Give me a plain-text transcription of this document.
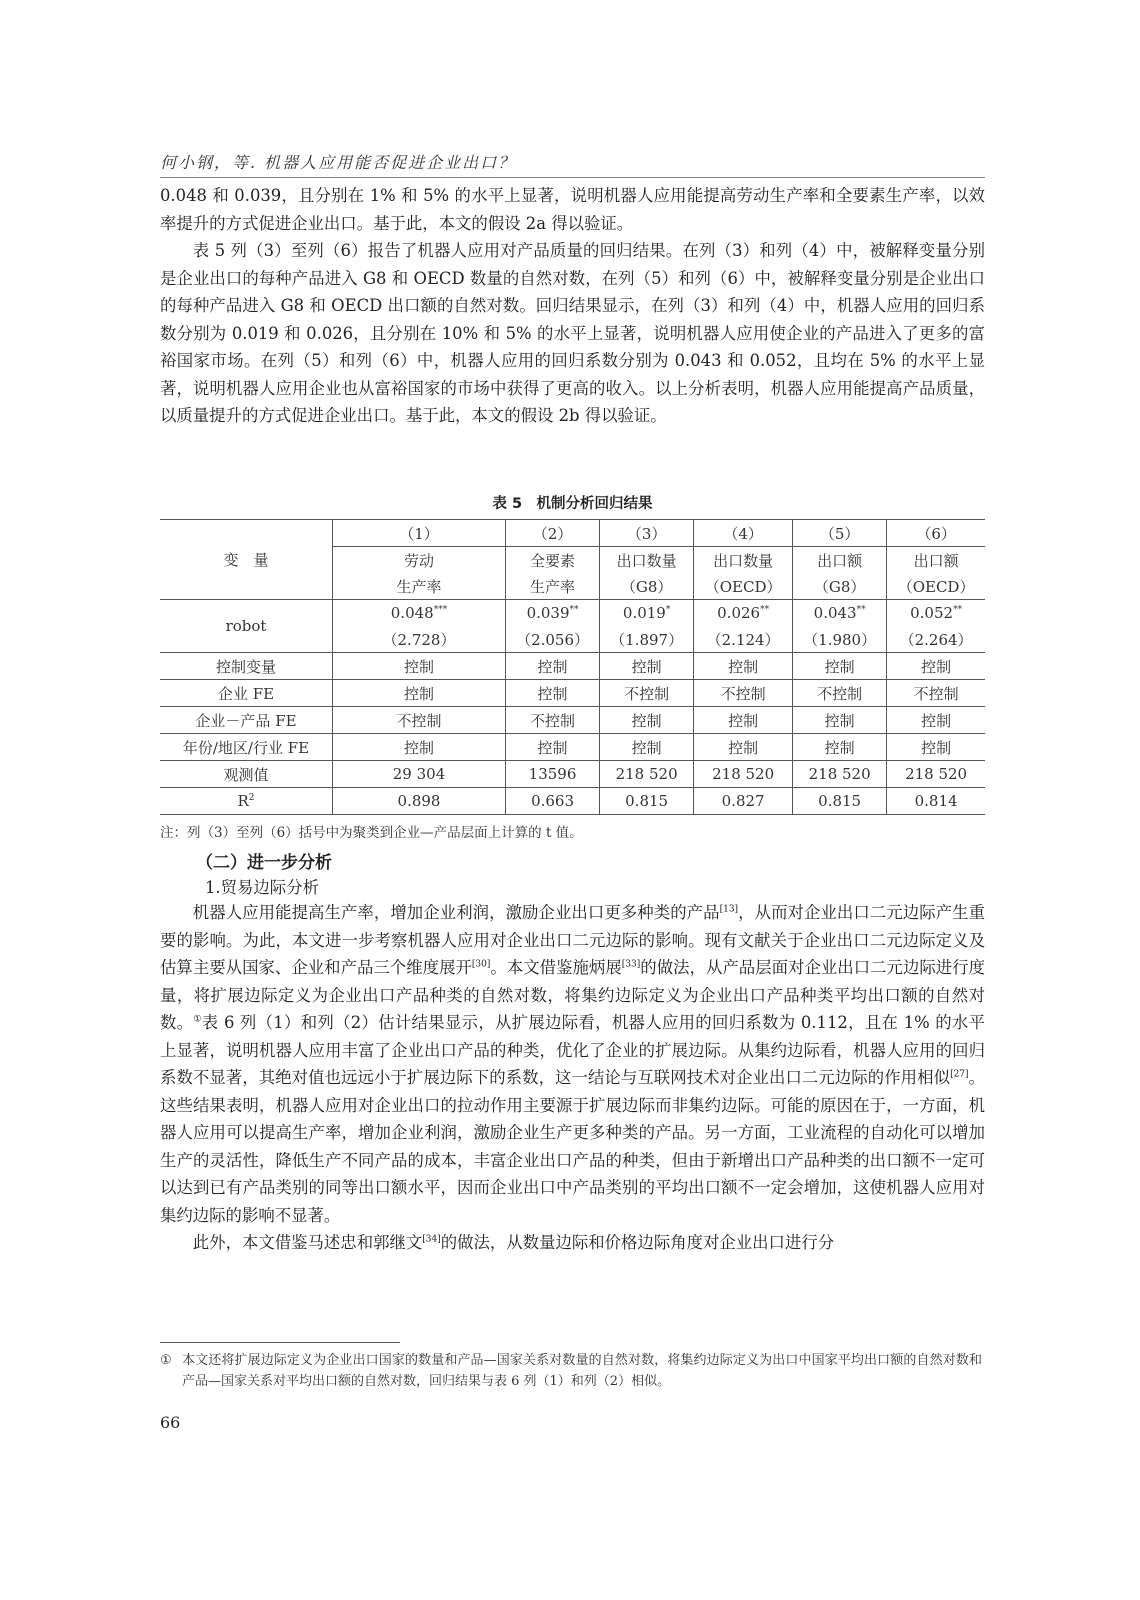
何小钢，等. 机器人应用能否促进企业出口？

0.048 和 0.039，且分别在 1% 和 5% 的水平上显著，说明机器人应用能提高劳动生产率和全要素生产率，以效率提升的方式促进企业出口。基于此，本文的假设 2a 得以验证。

表 5 列（3）至列（6）报告了机器人应用对产品质量的回归结果。在列（3）和列（4）中，被解释变量分别是企业出口的每种产品进入 G8 和 OECD 数量的自然对数，在列（5）和列（6）中，被解释变量分别是企业出口的每种产品进入 G8 和 OECD 出口额的自然对数。回归结果显示，在列（3）和列（4）中，机器人应用的回归系数分别为 0.019 和 0.026，且分别在 10% 和 5% 的水平上显著，说明机器人应用使企业的产品进入了更多的富裕国家市场。在列（5）和列（6）中，机器人应用的回归系数分别为 0.043 和 0.052，且均在 5% 的水平上显著，说明机器人应用企业也从富裕国家的市场中获得了更高的收入。以上分析表明，机器人应用能提高产品质量，以质量提升的方式促进企业出口。基于此，本文的假设 2b 得以验证。

表 5　机制分析回归结果
变　量	（1）	（2）	（3）	（4）	（5）	（6）
	劳动	全要素	出口数量	出口数量	出口额	出口额
	生产率	生产率	（G8）	（OECD）	（G8）	（OECD）
robot	0.048***	0.039**	0.019*	0.026**	0.043**	0.052**
	（2.728）	（2.056）	（1.897）	（2.124）	（1.980）	（2.264）
控制变量	控制	控制	控制	控制	控制	控制
企业 FE	控制	控制	不控制	不控制	不控制	不控制
企业－产品 FE	不控制	不控制	控制	控制	控制	控制
年份/地区/行业 FE	控制	控制	控制	控制	控制	控制
观测值	29 304	13596	218 520	218 520	218 520	218 520
$R^2$	0.898	0.663	0.815	0.827	0.815	0.814
注：列（3）至列（6）括号中为聚类到企业—产品层面上计算的 t 值。
（二）进一步分析
1.贸易边际分析

机器人应用能提高生产率，增加企业利润，激励企业出口更多种类的产品[13]，从而对企业出口二元边际产生重要的影响。为此，本文进一步考察机器人应用对企业出口二元边际的影响。现有文献关于企业出口二元边际定义及估算主要从国家、企业和产品三个维度展开[30]。本文借鉴施炳展[33]的做法，从产品层面对企业出口二元边际进行度量，将扩展边际定义为企业出口产品种类的自然对数，将集约边际定义为企业出口产品种类平均出口额的自然对数。①表 6 列（1）和列（2）估计结果显示，从扩展边际看，机器人应用的回归系数为 0.112，且在 1% 的水平上显著，说明机器人应用丰富了企业出口产品的种类，优化了企业的扩展边际。从集约边际看，机器人应用的回归系数不显著，其绝对值也远远小于扩展边际下的系数，这一结论与互联网技术对企业出口二元边际的作用相似[27]。这些结果表明，机器人应用对企业出口的拉动作用主要源于扩展边际而非集约边际。可能的原因在于，一方面，机器人应用可以提高生产率，增加企业利润，激励企业生产更多种类的产品。另一方面，工业流程的自动化可以增加生产的灵活性，降低生产不同产品的成本，丰富企业出口产品的种类，但由于新增出口产品种类的出口额不一定可以达到已有产品类别的同等出口额水平，因而企业出口中产品类别的平均出口额不一定会增加，这使机器人应用对集约边际的影响不显著。

此外，本文借鉴马述忠和郭继文[34]的做法，从数量边际和价格边际角度对企业出口进行分

① 本文还将扩展边际定义为企业出口国家的数量和产品—国家关系对数量的自然对数，将集约边际定义为出口中国家平均出口额的自然对数和产品—国家关系对平均出口额的自然对数，回归结果与表 6 列（1）和列（2）相似。
66
